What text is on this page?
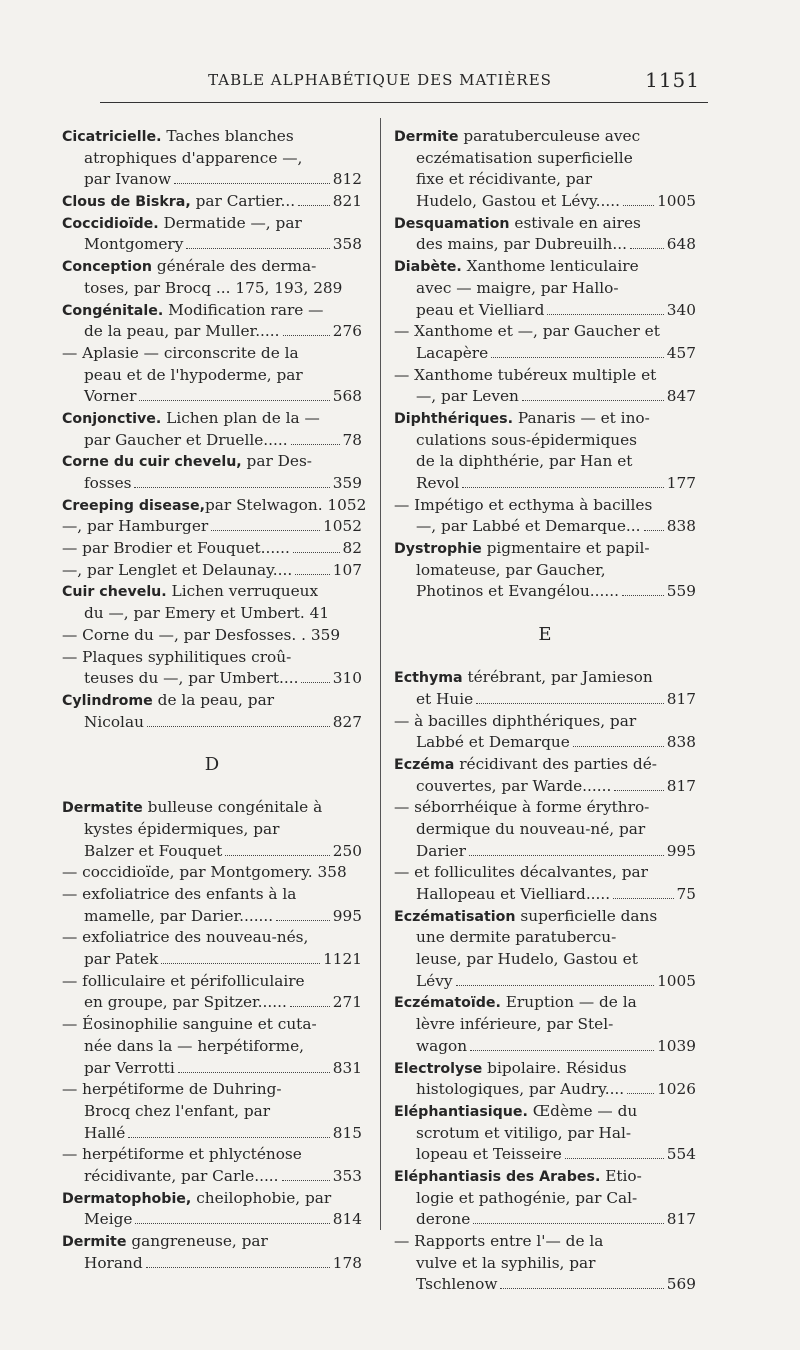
TABLE ALPHABÉTIQUE DES MATIÈRES	1151
Cicatricielle. Taches blanches
atrophiques d'apparence —,
par Ivanow	812
Clous de Biskra, par Cartier... 821
Coccidioïde. Dermatide —, par
Montgomery	358
Conception générale des derma-
toses, par Brocq ... 175, 193, 289
Congénitale. Modification rare —
de la peau, par Muller.....	276
— Aplasie — circonscrite de la
peau et de l'hypoderme, par
Vorner	568
Conjonctive. Lichen plan de la —
par Gaucher et Druelle.....	78
Corne du cuir chevelu, par Des-
fosses	359
Creeping disease,par Stelwagon. 1052
—, par Hamburger	1052
— par Brodier et Fouquet......	82
—, par Lenglet et Delaunay....	107
Cuir chevelu. Lichen verruqueux
du —, par Emery et Umbert. 41
— Corne du —, par Desfosses. . 359
— Plaques syphilitiques croû-
teuses du —, par Umbert.... 310
Cylindrome de la peau, par
Nicolau	827
D
Dermatite bulleuse congénitale à
kystes épidermiques, par
Balzer et Fouquet	250
— coccidioïde, par Montgomery. 358
— exfoliatrice des enfants à la
mamelle, par Darier.......	995
— exfoliatrice des nouveau-nés,
par Patek	1121
— folliculaire et périfolliculaire
en groupe, par Spitzer......	271
— Éosinophilie sanguine et cuta-
née dans la — herpétiforme,
par Verrotti	831
— herpétiforme de Duhring-
Brocq chez l'enfant, par
Hallé	815
— herpétiforme et phlycténose
récidivante, par Carle.....	353
Dermatophobie, cheilophobie, par
Meige	814
Dermite gangreneuse, par
Horand	178
Dermite paratuberculeuse avec
eczématisation superficielle
fixe et récidivante, par
Hudelo, Gastou et Lévy..... 1005
Desquamation estivale en aires
des mains, par Dubreuilh...	648
Diabète. Xanthome lenticulaire
avec — maigre, par Hallo-
peau et Vielliard	340
— Xanthome et —, par Gaucher et
Lacapère	457
— Xanthome tubéreux multiple et
—, par Leven	847
Diphthériques. Panaris — et ino-
culations sous-épidermiques
de la diphthérie, par Han et
Revol	177
— Impétigo et ecthyma à bacilles
—, par Labbé et Demarque... 838
Dystrophie pigmentaire et papil-
lomateuse, par Gaucher,
Photinos et Evangélou......	559
E
Ecthyma térébrant, par Jamieson
et Huie	817
— à bacilles diphthériques, par
Labbé et Demarque	838
Eczéma récidivant des parties dé-
couvertes, par Warde......	817
— séborrhéique à forme érythro-
dermique du nouveau-né, par
Darier	995
— et folliculites décalvantes, par
Hallopeau et Vielliard.....	75
Eczématisation superficielle dans
une dermite paratubercu-
leuse, par Hudelo, Gastou et
Lévy	1005
Eczématoïde. Eruption — de la
lèvre inférieure, par Stel-
wagon	1039
Electrolyse bipolaire. Résidus
histologiques, par Audry.... 1026
Eléphantiasique. Œdème — du
scrotum et vitiligo, par Hal-
lopeau et Teisseire	554
Eléphantiasis des Arabes. Etio-
logie et pathogénie, par Cal-
derone	817
— Rapports entre l'— de la
vulve et la syphilis, par
Tschlenow	569
